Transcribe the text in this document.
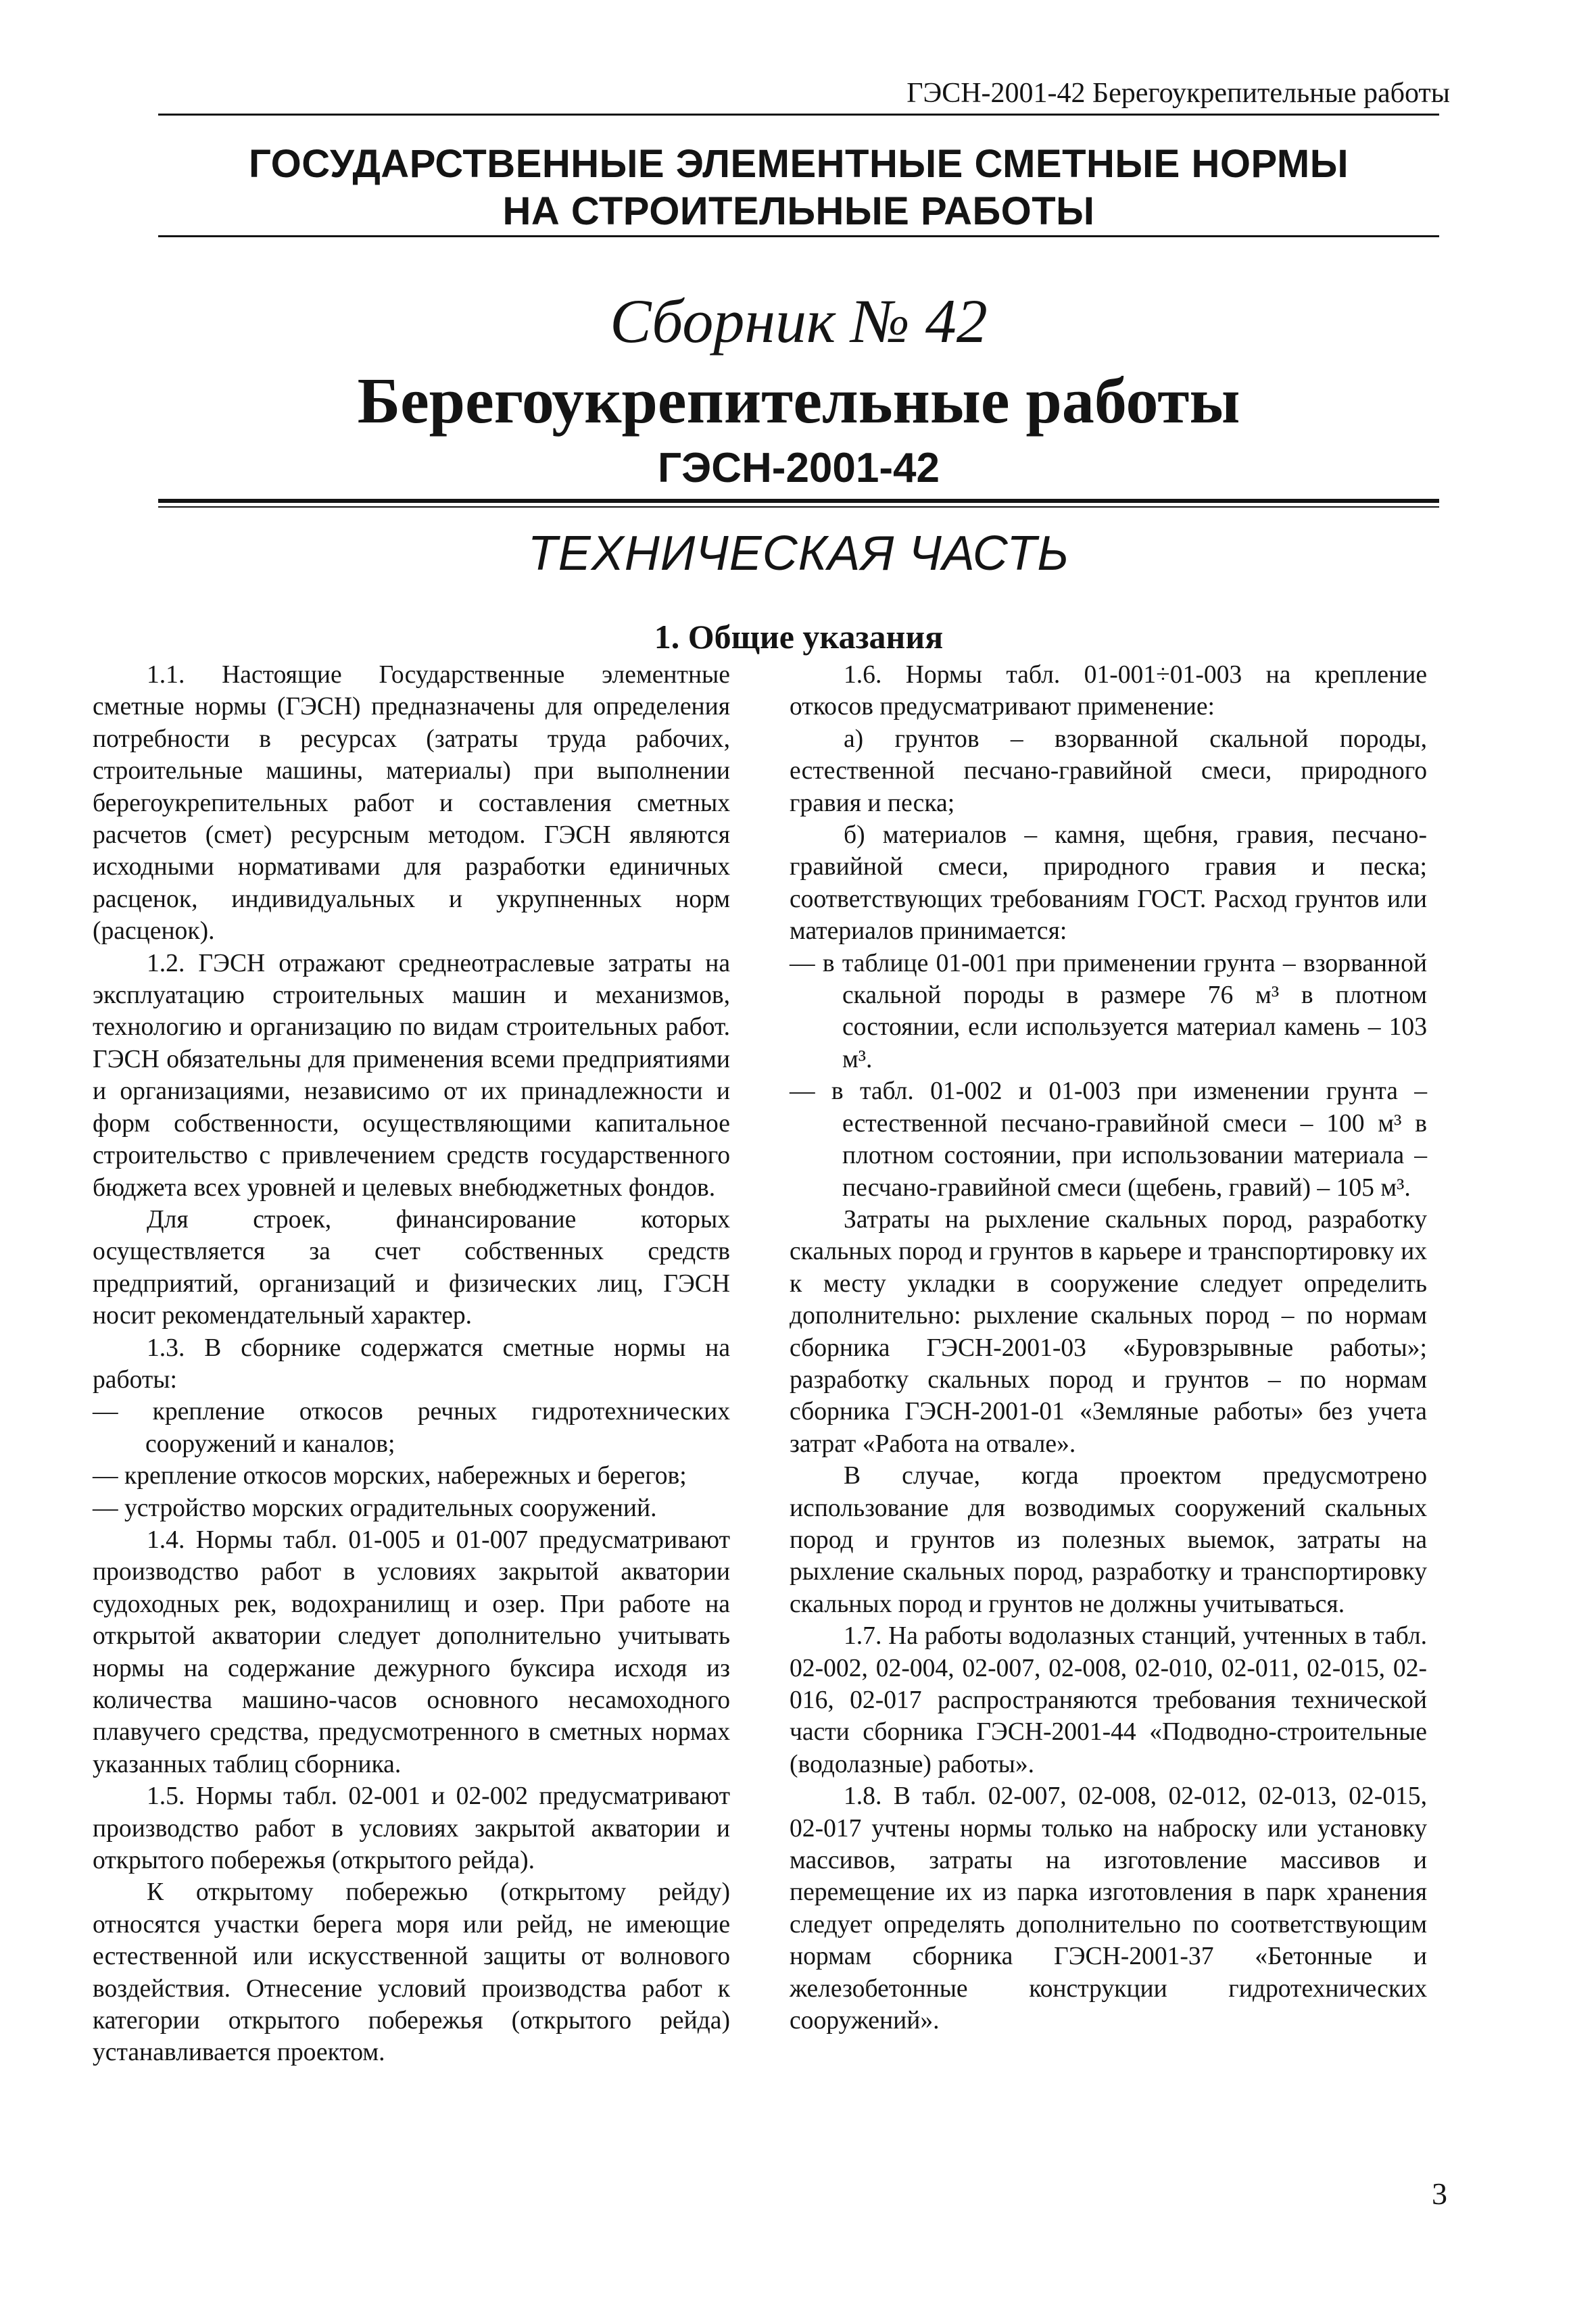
ГЭСН-2001-42 Берегоукрепительные работы
ГОСУДАРСТВЕННЫЕ ЭЛЕМЕНТНЫЕ СМЕТНЫЕ НОРМЫ
НА СТРОИТЕЛЬНЫЕ РАБОТЫ
Сборник № 42
Берегоукрепительные работы
ГЭСН-2001-42
ТЕХНИЧЕСКАЯ ЧАСТЬ
1. Общие указания

1.1. Настоящие Государственные элементные сметные нормы (ГЭСН) предназначены для определения потребности в ресурсах (затраты труда рабочих, строительные машины, материалы) при выполнении берегоукрепительных работ и составления сметных расчетов (смет) ресурсным методом. ГЭСН являются исходными нормативами для разработки единичных расценок, индивидуальных и укрупненных норм (расценок).

1.2. ГЭСН отражают среднеотраслевые затраты на эксплуатацию строительных машин и механизмов, технологию и организацию по видам строительных работ. ГЭСН обязательны для применения всеми предприятиями и организациями, независимо от их принадлежности и форм собственности, осуществляющими капитальное строительство с привлечением средств государственного бюджета всех уровней и целевых внебюджетных фондов.

Для строек, финансирование которых осуществляется за счет собственных средств предприятий, организаций и физических лиц, ГЭСН носит рекомендательный характер.

1.3. В сборнике содержатся сметные нормы на работы:

— крепление откосов речных гидротехнических сооружений и каналов;

— крепление откосов морских, набережных и берегов;

— устройство морских оградительных сооружений.

1.4. Нормы табл. 01-005 и 01-007 предусматривают производство работ в условиях закрытой акватории судоходных рек, водохранилищ и озер. При работе на открытой акватории следует дополнительно учитывать нормы на содержание дежурного буксира исходя из количества машино-часов основного несамоходного плавучего средства, предусмотренного в сметных нормах указанных таблиц сборника.

1.5. Нормы табл. 02-001 и 02-002 предусматривают производство работ в условиях закрытой акватории и открытого побережья (открытого рейда).

К открытому побережью (открытому рейду) относятся участки берега моря или рейд, не имеющие естественной или искусственной защиты от волнового воздействия. Отнесение условий производства работ к категории открытого побережья (открытого рейда) устанавливается проектом.

1.6. Нормы табл. 01-001÷01-003 на крепление откосов предусматривают применение:

а) грунтов – взорванной скальной породы, естественной песчано-гравийной смеси, природного гравия и песка;

б) материалов – камня, щебня, гравия, песчано-гравийной смеси, природного гравия и песка; соответствующих требованиям ГОСТ. Расход грунтов или материалов принимается:

— в таблице 01-001 при применении грунта – взорванной скальной породы в размере 76 м³ в плотном состоянии, если используется материал камень – 103 м³.

— в табл. 01-002 и 01-003 при изменении грунта – естественной песчано-гравийной смеси – 100 м³ в плотном состоянии, при использовании материала – песчано-гравийной смеси (щебень, гравий) – 105 м³.

Затраты на рыхление скальных пород, разработку скальных пород и грунтов в карьере и транспортировку их к месту укладки в сооружение следует определить дополнительно: рыхление скальных пород – по нормам сборника ГЭСН-2001-03 «Буровзрывные работы»; разработку скальных пород и грунтов – по нормам сборника ГЭСН-2001-01 «Земляные работы» без учета затрат «Работа на отвале».

В случае, когда проектом предусмотрено использование для возводимых сооружений скальных пород и грунтов из полезных выемок, затраты на рыхление скальных пород, разработку и транспортировку скальных пород и грунтов не должны учитываться.

1.7. На работы водолазных станций, учтенных в табл. 02-002, 02-004, 02-007, 02-008, 02-010, 02-011, 02-015, 02-016, 02-017 распространяются требования технической части сборника ГЭСН-2001-44 «Подводно-строительные (водолазные) работы».

1.8. В табл. 02-007, 02-008, 02-012, 02-013, 02-015, 02-017 учтены нормы только на наброску или установку массивов, затраты на изготовление массивов и перемещение их из парка изготовления в парк хранения следует определять дополнительно по соответствующим нормам сборника ГЭСН-2001-37 «Бетонные и железобетонные конструкции гидротехнических сооружений».

3
